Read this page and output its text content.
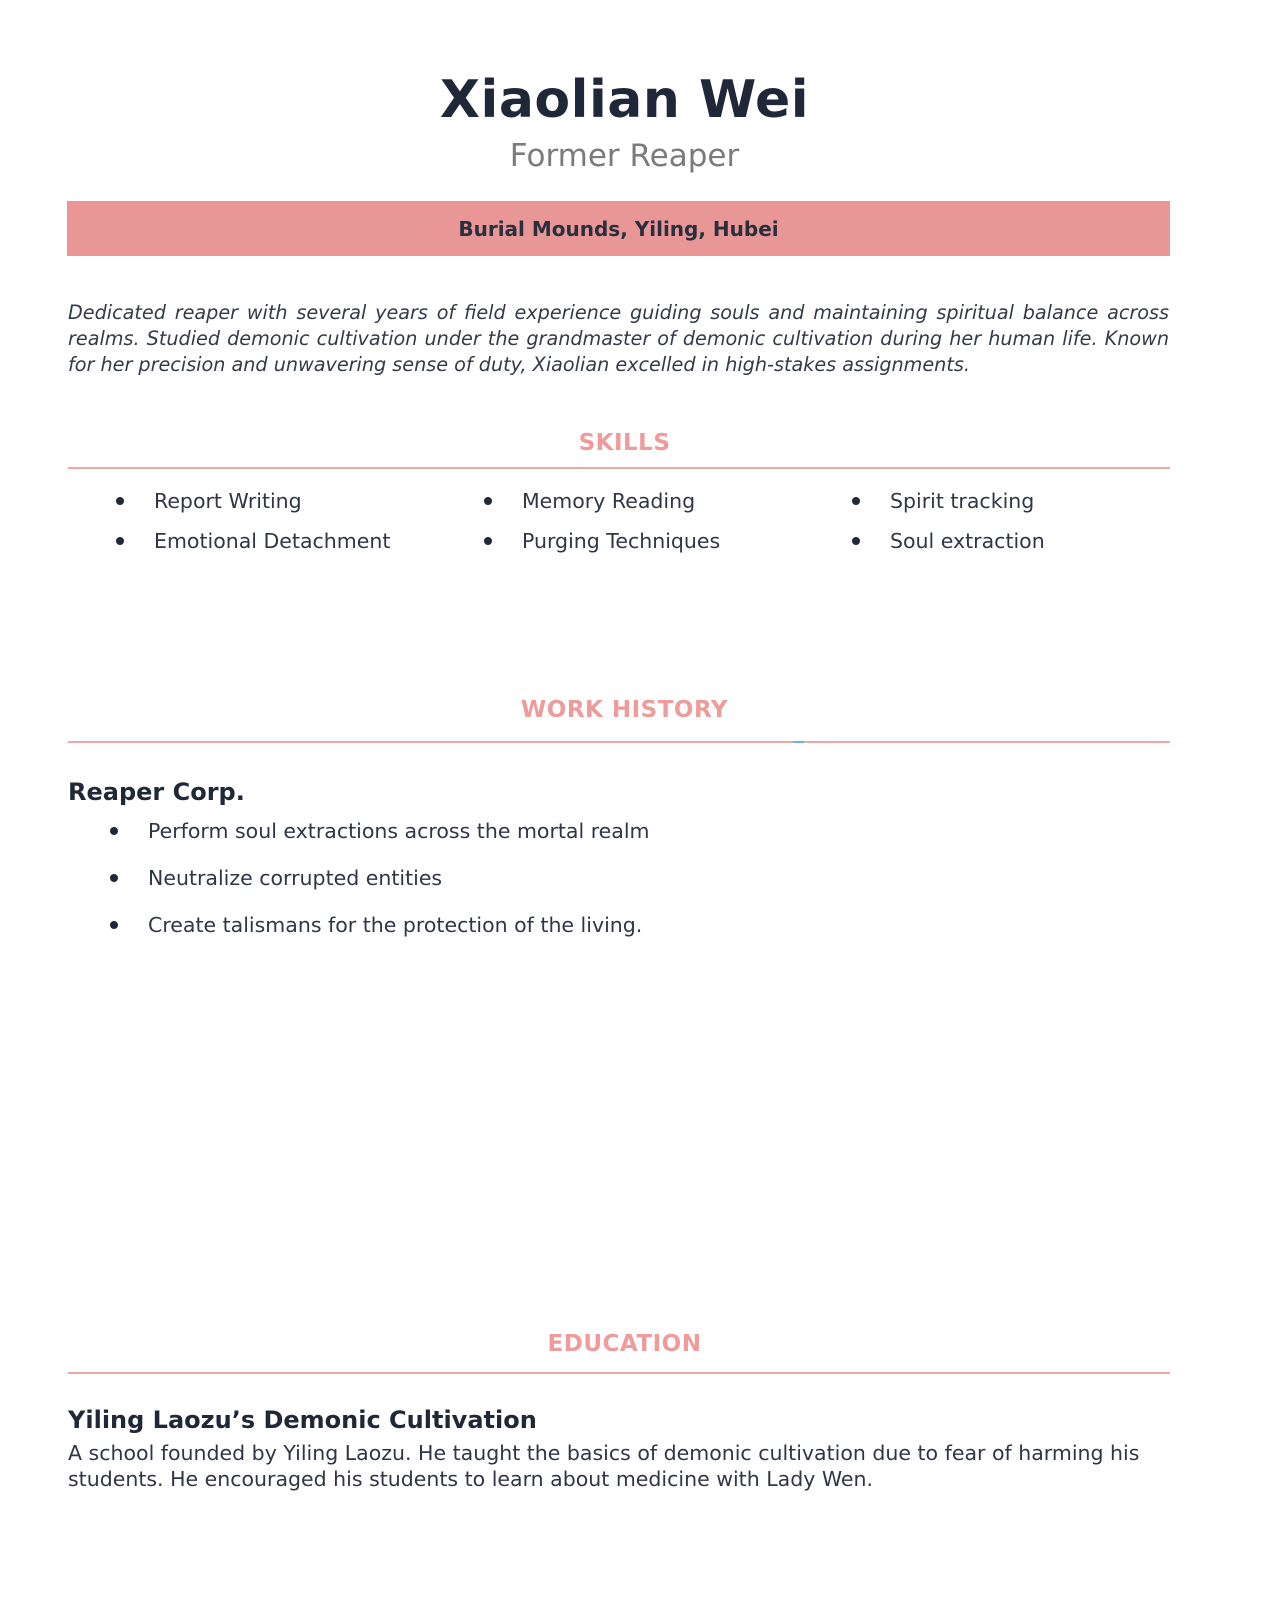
Xiaolian Wei
Former Reaper
Burial Mounds, Yiling, Hubei
Dedicated reaper with several years of field experience guiding souls and maintaining spiritual balance across realms. Studied demonic cultivation under the grandmaster of demonic cultivation during her human life. Known for her precision and unwavering sense of duty, Xiaolian excelled in high-stakes assignments.
SKILLS
Report Writing	Memory Reading	Spirit tracking
Emotional Detachment	Purging Techniques	Soul extraction
WORK HISTORY
Reaper Corp.
Perform soul extractions across the mortal realm
Neutralize corrupted entities
Create talismans for the protection of the living.
EDUCATION
Yiling Laozu’s Demonic Cultivation
A school founded by Yiling Laozu. He taught the basics of demonic cultivation due to fear of harming his students. He encouraged his students to learn about medicine with Lady Wen.
